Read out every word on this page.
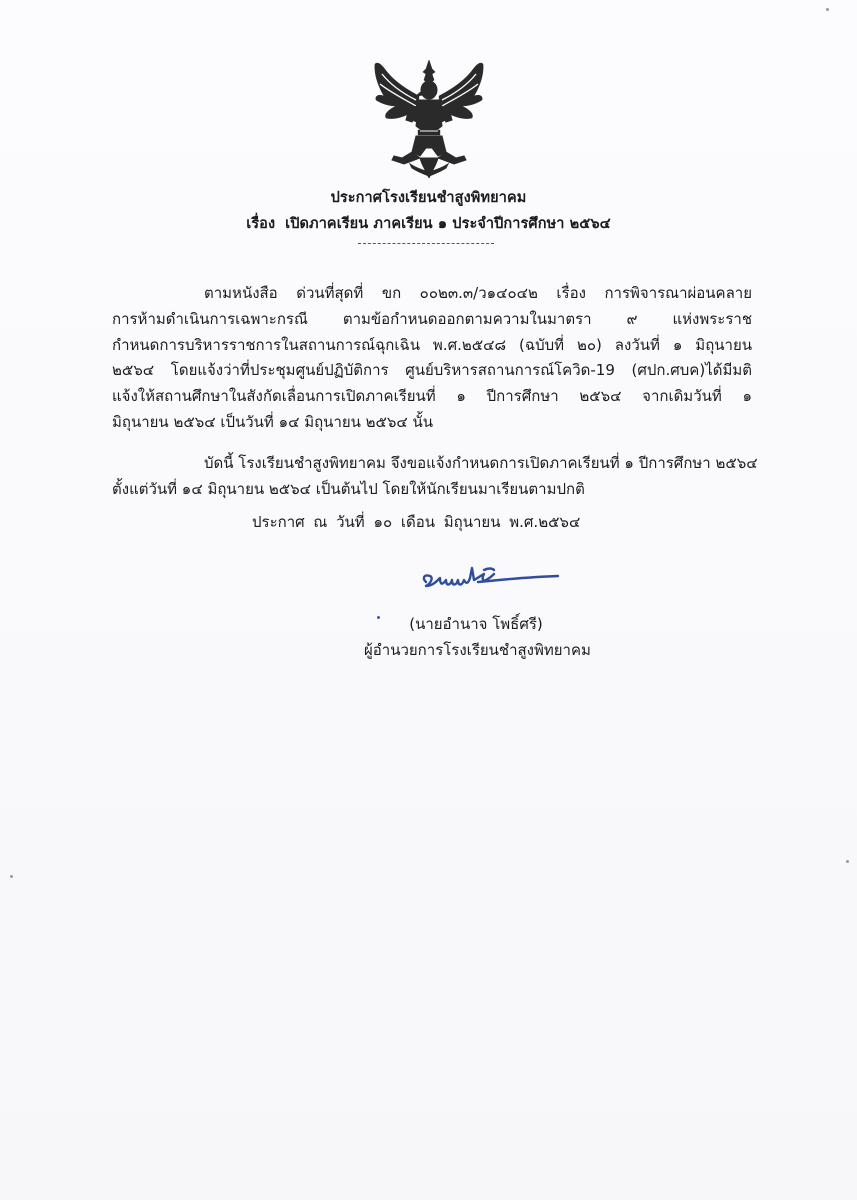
ประกาศโรงเรียนชำสูงพิทยาคม
เรื่อง เปิดภาคเรียน ภาคเรียน ๑ ประจำปีการศึกษา ๒๕๖๔
ตามหนังสือ ด่วนที่สุดที่ ขก ๐๐๒๓.๓/ว๑๔๐๔๒ เรื่อง การพิจารณาผ่อนคลาย
การห้ามดำเนินการเฉพาะกรณี ตามข้อกำหนดออกตามความในมาตรา ๙ แห่งพระราช
กำหนดการบริหารราชการในสถานการณ์ฉุกเฉิน พ.ศ.๒๕๔๘ (ฉบับที่ ๒๐) ลงวันที่ ๑ มิถุนายน
๒๕๖๔ โดยแจ้งว่าที่ประชุมศูนย์ปฏิบัติการ ศูนย์บริหารสถานการณ์โควิด-19 (ศปก.ศบค)ได้มีมติ
แจ้งให้สถานศึกษาในสังกัดเลื่อนการเปิดภาคเรียนที่ ๑ ปีการศึกษา ๒๕๖๔ จากเดิมวันที่ ๑
มิถุนายน ๒๕๖๔ เป็นวันที่ ๑๔ มิถุนายน ๒๕๖๔ นั้น
บัดนี้ โรงเรียนชำสูงพิทยาคม จึงขอแจ้งกำหนดการเปิดภาคเรียนที่ ๑ ปีการศึกษา ๒๕๖๔
ตั้งแต่วันที่ ๑๔ มิถุนายน ๒๕๖๔ เป็นต้นไป โดยให้นักเรียนมาเรียนตามปกติ
ประกาศ ณ วันที่ ๑๐ เดือน มิถุนายน พ.ศ.๒๕๖๔
(นายอำนาจ โพธิ์ศรี)
ผู้อำนวยการโรงเรียนชำสูงพิทยาคม
